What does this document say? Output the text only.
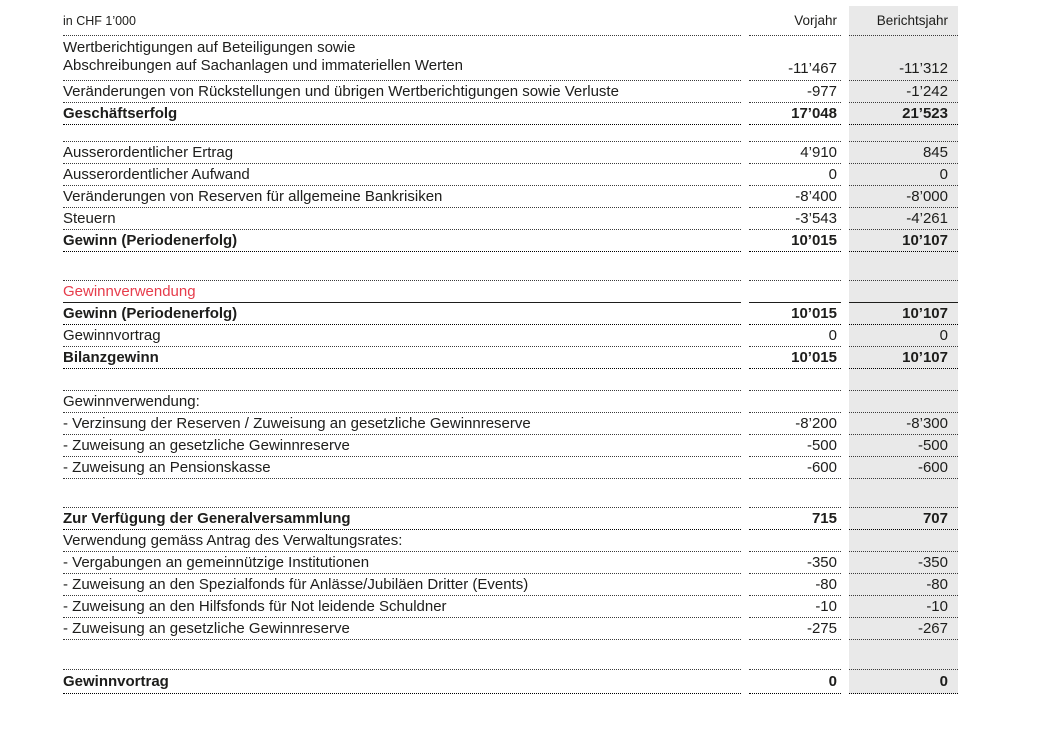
in CHF 1’000	Vorjahr	Berichtsjahr
Wertberichtigungen auf Beteiligungen sowie
Abschreibungen auf Sachanlagen und immateriellen Werten	-11’467	-11’312
Veränderungen von Rückstellungen und übrigen Wertberichtigungen sowie Verluste	-977	-1’242
Geschäftserfolg	17’048	21’523
Ausserordentlicher Ertrag	4’910	845
Ausserordentlicher Aufwand	0	0
Veränderungen von Reserven für allgemeine Bankrisiken	-8’400	-8’000
Steuern	-3’543	-4’261
Gewinn (Periodenerfolg)	10’015	10’107
Gewinnverwendung
Gewinn (Periodenerfolg)	10’015	10’107
Gewinnvortrag	0	0
Bilanzgewinn	10’015	10’107
Gewinnverwendung:
- Verzinsung der Reserven / Zuweisung an gesetzliche Gewinnreserve	-8’200	-8’300
- Zuweisung an gesetzliche Gewinnreserve	-500	-500
- Zuweisung an Pensionskasse	-600	-600
Zur Verfügung der Generalversammlung	715	707
Verwendung gemäss Antrag des Verwaltungsrates:
- Vergabungen an gemeinnützige Institutionen	-350	-350
- Zuweisung an den Spezialfonds für Anlässe/Jubiläen Dritter (Events)	-80	-80
- Zuweisung an den Hilfsfonds für Not leidende Schuldner	-10	-10
- Zuweisung an gesetzliche Gewinnreserve	-275	-267
Gewinnvortrag	0	0
